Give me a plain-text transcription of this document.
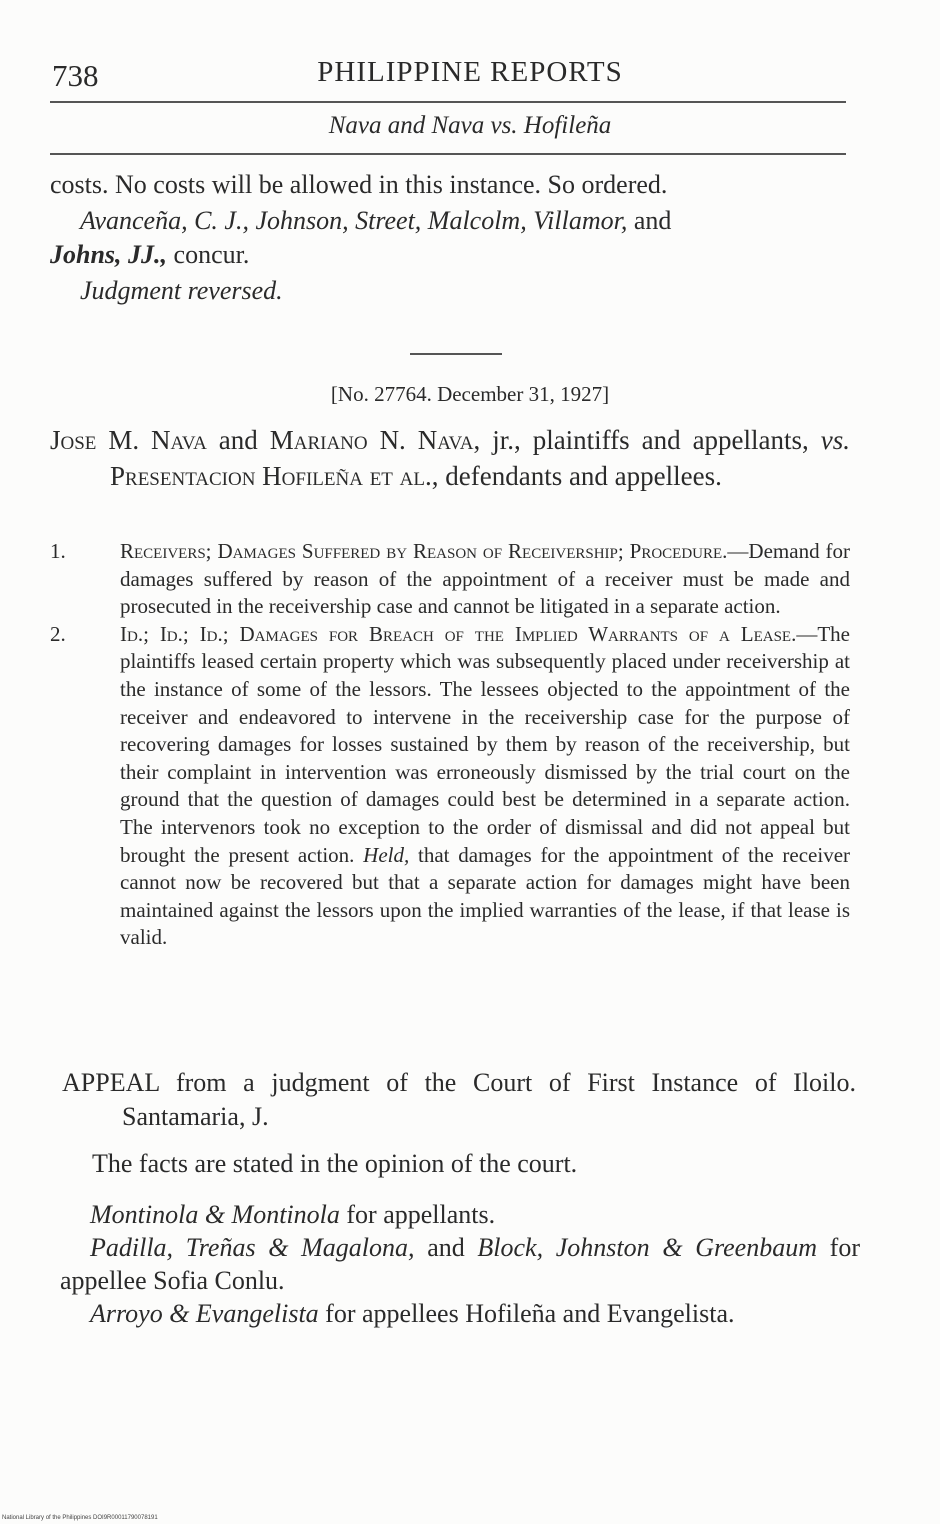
738	PHILIPPINE REPORTS
Nava and Nava vs. Hofileña
costs. No costs will be allowed in this instance. So ordered.
Avanceña, C. J., Johnson, Street, Malcolm, Villamor, and
Johns, JJ., concur.
Judgment reversed.
[No. 27764. December 31, 1927]
Jose M. Nava and Mariano N. Nava, jr., plaintiffs and appellants, vs. Presentacion Hofileña et al., defendants and appellees.
1.	Receivers; Damages Suffered by Reason of Receivership; Procedure.—Demand for damages suffered by reason of the appointment of a receiver must be made and prosecuted in the receivership case and cannot be litigated in a separate action.
2.	Id.; Id.; Id.; Damages for Breach of the Implied Warrants of a Lease.—The plaintiffs leased certain property which was subsequently placed under receivership at the instance of some of the lessors. The lessees objected to the appointment of the receiver and endeavored to intervene in the receivership case for the purpose of recovering damages for losses sustained by them by reason of the receivership, but their complaint in intervention was erroneously dismissed by the trial court on the ground that the question of damages could best be determined in a separate action. The intervenors took no exception to the order of dismissal and did not appeal but brought the present action. Held, that damages for the appointment of the receiver cannot now be recovered but that a separate action for damages might have been maintained against the lessors upon the implied warranties of the lease, if that lease is valid.
APPEAL from a judgment of the Court of First Instance of Iloilo. Santamaria, J.
The facts are stated in the opinion of the court.
Montinola & Montinola for appellants.
Padilla, Treñas & Magalona, and Block, Johnston & Greenbaum for appellee Sofia Conlu.
Arroyo & Evangelista for appellees Hofileña and Evangelista.
National Library of the Philippines DOI9R00011790078191
